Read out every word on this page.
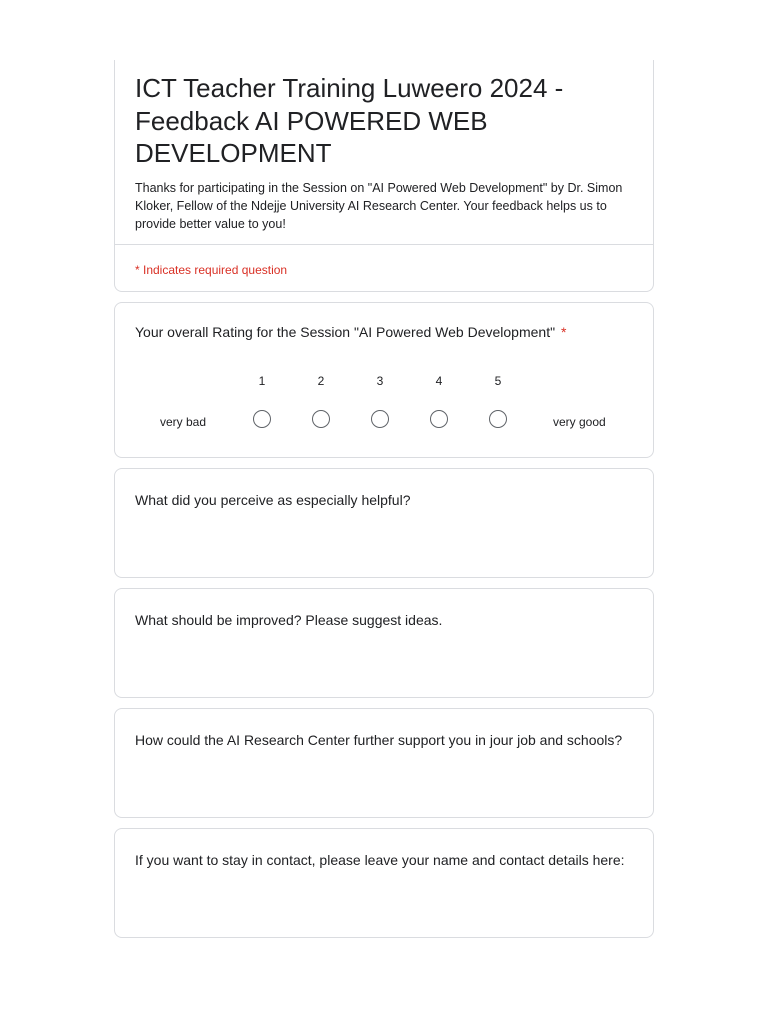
ICT Teacher Training Luweero 2024 - Feedback AI POWERED WEB DEVELOPMENT

Thanks for participating in the Session on "AI Powered Web Development" by Dr. Simon Kloker, Fellow of the Ndejje University AI Research Center. Your feedback helps us to provide better value to you!

* Indicates required question
Your overall Rating for the Session "AI Powered Web Development" *
very bad
1	2	3	4	5
very good
What did you perceive as especially helpful?
What should be improved? Please suggest ideas.
How could the AI Research Center further support you in jour job and schools?
If you want to stay in contact, please leave your name and contact details here:
